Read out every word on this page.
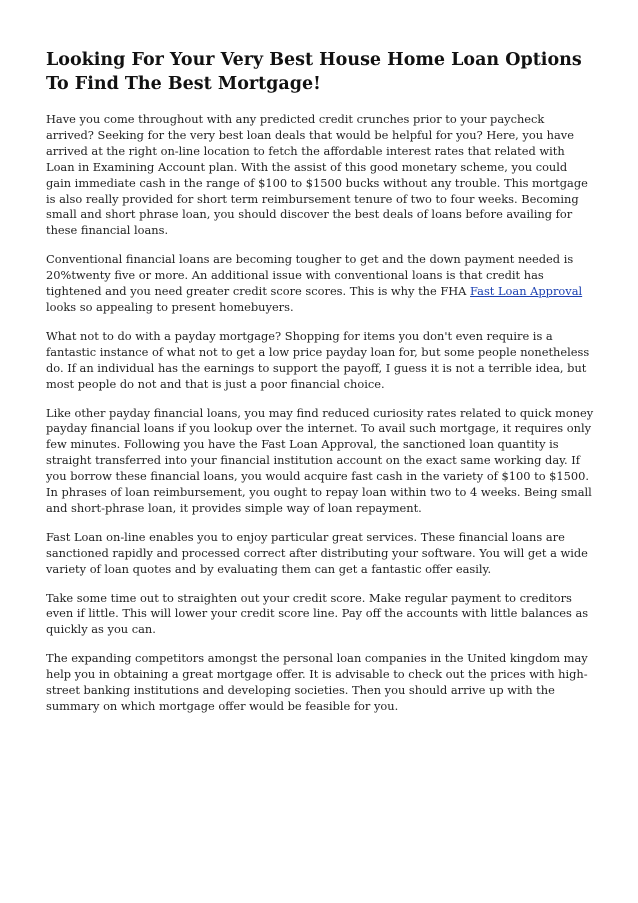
Looking For Your Very Best House Home Loan Options To Find The Best Mortgage!

Have you come throughout with any predicted credit crunches prior to your paycheck arrived? Seeking for the very best loan deals that would be helpful for you? Here, you have arrived at the right on-line location to fetch the affordable interest rates that related with Loan in Examining Account plan. With the assist of this good monetary scheme, you could gain immediate cash in the range of $100 to $1500 bucks without any trouble. This mortgage is also really provided for short term reimbursement tenure of two to four weeks. Becoming small and short phrase loan, you should discover the best deals of loans before availing for these financial loans.

Conventional financial loans are becoming tougher to get and the down payment needed is 20%twenty five or more. An additional issue with conventional loans is that credit has tightened and you need greater credit score scores. This is why the FHA Fast Loan Approval looks so appealing to present homebuyers.

What not to do with a payday mortgage? Shopping for items you don't even require is a fantastic instance of what not to get a low price payday loan for, but some people nonetheless do. If an individual has the earnings to support the payoff, I guess it is not a terrible idea, but most people do not and that is just a poor financial choice.

Like other payday financial loans, you may find reduced curiosity rates related to quick money payday financial loans if you lookup over the internet. To avail such mortgage, it requires only few minutes. Following you have the Fast Loan Approval, the sanctioned loan quantity is straight transferred into your financial institution account on the exact same working day. If you borrow these financial loans, you would acquire fast cash in the variety of $100 to $1500. In phrases of loan reimbursement, you ought to repay loan within two to 4 weeks. Being small and short-phrase loan, it provides simple way of loan repayment.

Fast Loan on-line enables you to enjoy particular great services. These financial loans are sanctioned rapidly and processed correct after distributing your software. You will get a wide variety of loan quotes and by evaluating them can get a fantastic offer easily.

Take some time out to straighten out your credit score. Make regular payment to creditors even if little. This will lower your credit score line. Pay off the accounts with little balances as quickly as you can.

The expanding competitors amongst the personal loan companies in the United kingdom may help you in obtaining a great mortgage offer. It is advisable to check out the prices with high-street banking institutions and developing societies. Then you should arrive up with the summary on which mortgage offer would be feasible for you.
